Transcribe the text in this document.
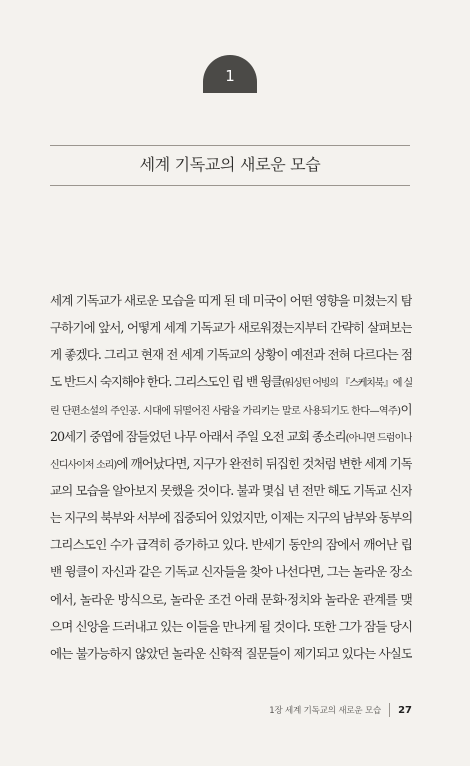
1
세계 기독교의 새로운 모습
세계 기독교가 새로운 모습을 띠게 된 데 미국이 어떤 영향을 미쳤는지 탐
구하기에 앞서, 어떻게 세계 기독교가 새로워졌는지부터 간략히 살펴보는
게 좋겠다. 그리고 현재 전 세계 기독교의 상황이 예전과 전혀 다르다는 점
도 반드시 숙지해야 한다. 그리스도인 립 밴 윙클(워싱턴 어빙의 『스케치북』에 실
린 단편소설의 주인공. 시대에 뒤떨어진 사람을 가리키는 말로 사용되기도 한다—역주)이
20세기 중엽에 잠들었던 나무 아래서 주일 오전 교회 종소리(아니면 드럼이나
신디사이저 소리)에 깨어났다면, 지구가 완전히 뒤집힌 것처럼 변한 세계 기독
교의 모습을 알아보지 못했을 것이다. 불과 몇십 년 전만 해도 기독교 신자
는 지구의 북부와 서부에 집중되어 있었지만, 이제는 지구의 남부와 동부의
그리스도인 수가 급격히 증가하고 있다. 반세기 동안의 잠에서 깨어난 립
밴 윙클이 자신과 같은 기독교 신자들을 찾아 나선다면, 그는 놀라운 장소
에서, 놀라운 방식으로, 놀라운 조건 아래 문화·정치와 놀라운 관계를 맺
으며 신앙을 드러내고 있는 이들을 만나게 될 것이다. 또한 그가 잠들 당시
에는 불가능하지 않았던 놀라운 신학적 질문들이 제기되고 있다는 사실도
1장 세계 기독교의 새로운 모습 27
